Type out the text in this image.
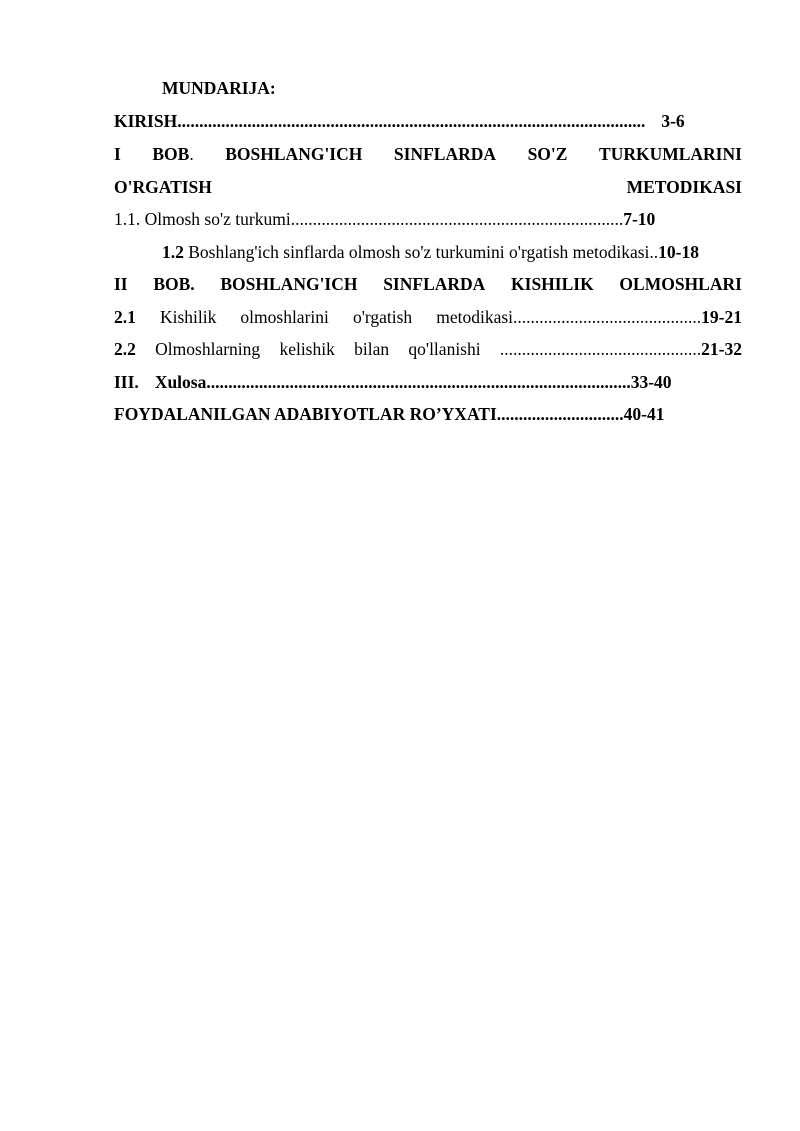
MUNDARIJA:
KIRISH........................................................................................................... 3-6
I BOB. BOSHLANG'ICH SINFLARDA SO'Z TURKUMLARINI
O'RGATISH	METODIKASI
1.1. Olmosh so'z turkumi............................................................................7-10
1.2 Boshlang'ich sinflarda olmosh so'z turkumini o'rgatish metodikasi..10-18
II BOB. BOSHLANG'ICH SINFLARDA KISHILIK OLMOSHLARI
2.1 Kishilik olmoshlarini o'rgatish metodikasi...........................................19-21
2.2 Olmoshlarning kelishik bilan qo'llanishi ..............................................21-32
III. Xulosa.................................................................................................33-40
FOYDALANILGAN ADABIYOTLAR RO’YXATI.............................40-41
